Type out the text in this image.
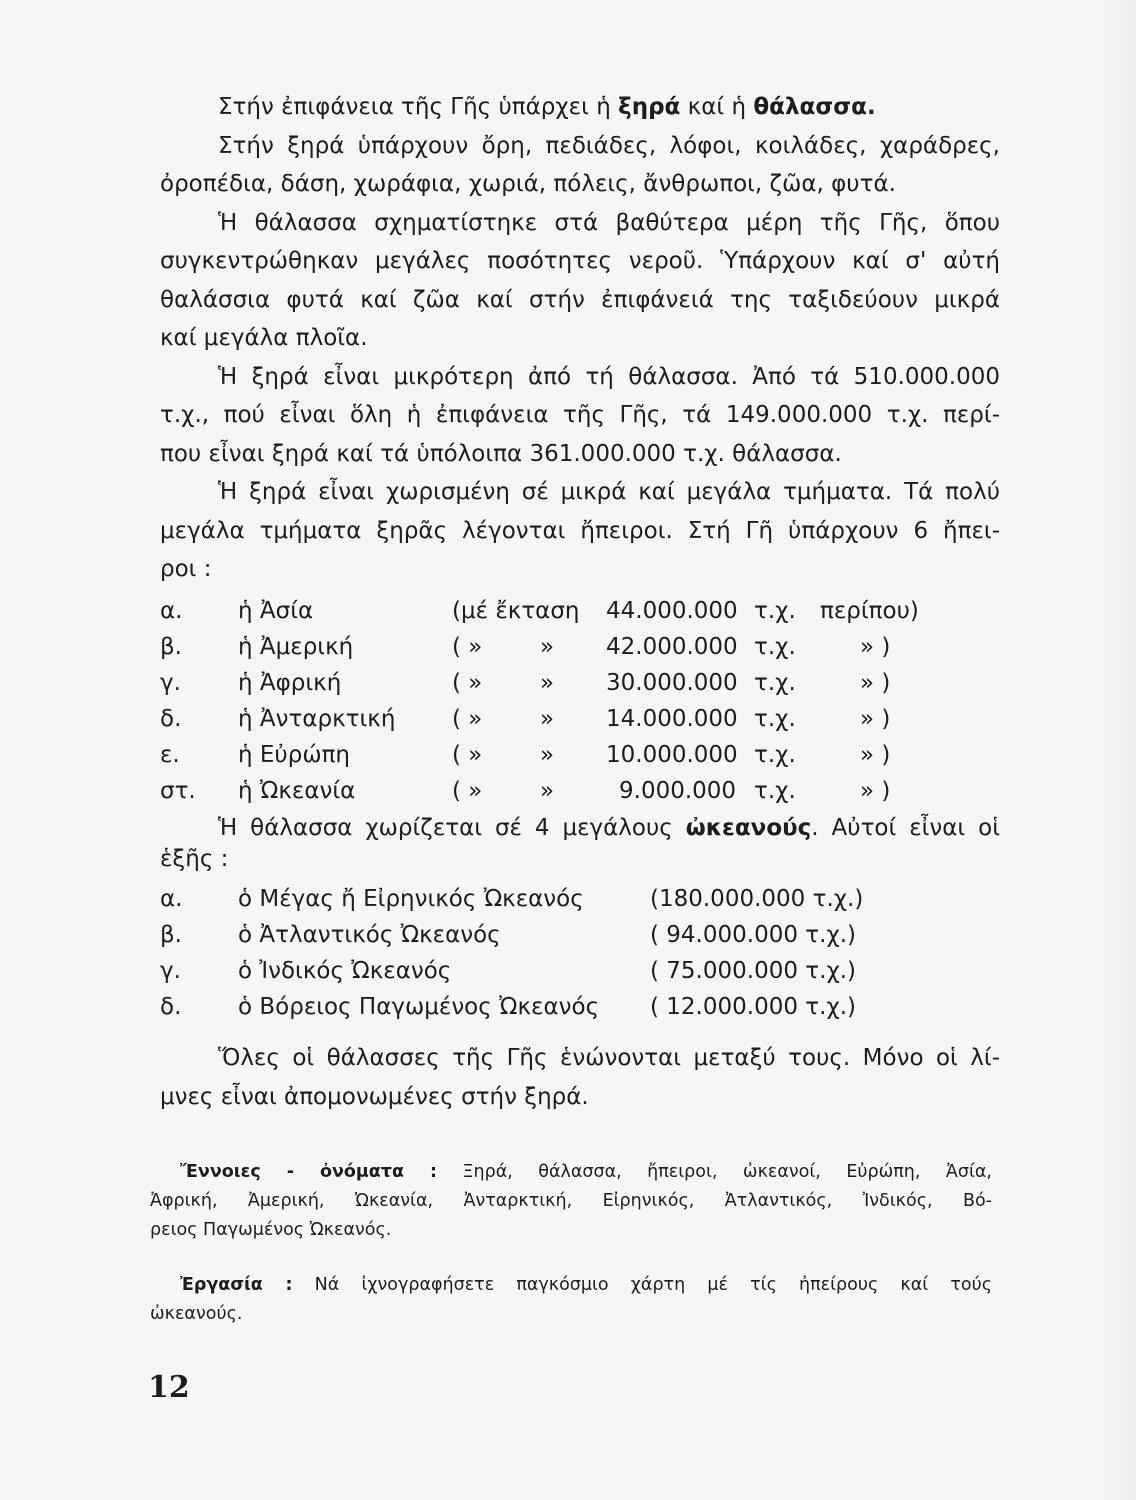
Στήν ἐπιφάνεια τῆς Γῆς ὑπάρχει ἡ ξηρά καί ἡ θάλασσα.

Στήν ξηρά ὑπάρχουν ὄρη, πεδιάδες, λόφοι, κοιλάδες, χαράδρες,

ὀροπέδια, δάση, χωράφια, χωριά, πόλεις, ἄνθρωποι, ζῶα, φυτά.

Ἡ θάλασσα σχηματίστηκε στά βαθύτερα μέρη τῆς Γῆς, ὅπου

συγκεντρώθηκαν μεγάλες ποσότητες νεροῦ. Ὑπάρχουν καί σ' αὐτή

θαλάσσια φυτά καί ζῶα καί στήν ἐπιφάνειά της ταξιδεύουν μικρά

καί μεγάλα πλοῖα.

Ἡ ξηρά εἶναι μικρότερη ἀπό τή θάλασσα. Ἀπό τά 510.000.000

τ.χ., πού εἶναι ὅλη ἡ ἐπιφάνεια τῆς Γῆς, τά 149.000.000 τ.χ. περί-

που εἶναι ξηρά καί τά ὑπόλοιπα 361.000.000 τ.χ. θάλασσα.

Ἡ ξηρά εἶναι χωρισμένη σέ μικρά καί μεγάλα τμήματα. Τά πολύ

μεγάλα τμήματα ξηρᾶς λέγονται ἤπειροι. Στή Γῆ ὑπάρχουν 6 ἤπει-

ροι :

α. ἡ Ἀσία	(μέ ἔκταση 44.000.000 τ.χ. περίπου)
β. ἡ Ἀμερική	( »	» 42.000.000 τ.χ.	» )
γ. ἡ Ἀφρική	( »	» 30.000.000 τ.χ.	» )
δ. ἡ Ἀνταρκτική ( »	» 14.000.000 τ.χ.	» )
ε.	ἡ Εὐρώπη	( »	» 10.000.000 τ.χ.	» )
στ. ἡ Ὠκεανία	( »	»	9.000.000 τ.χ.	» )

Ἡ θάλασσα χωρίζεται σέ 4 μεγάλους ὠκεανούς. Αὐτοί εἶναι οἱ

ἑξῆς :

α. ὁ Μέγας ἤ Εἰρηνικός Ὠκεανός	(180.000.000 τ.χ.)
β. ὁ Ἀτλαντικός Ὠκεανός	( 94.000.000 τ.χ.)
γ. ὁ Ἰνδικός Ὠκεανός	( 75.000.000 τ.χ.)
δ. ὁ Βόρειος Παγωμένος Ὠκεανός ( 12.000.000 τ.χ.)

Ὅλες οἱ θάλασσες τῆς Γῆς ἑνώνονται μεταξύ τους. Μόνο οἱ λί-

μνες εἶναι ἀπομονωμένες στήν ξηρά.

Ἔννοιες - ὀνόματα : Ξηρά, θάλασσα, ἤπειροι, ὠκεανοί, Εὐρώπη, Ἀσία,

Ἀφρική, Ἀμερική, Ὠκεανία, Ἀνταρκτική, Εἰρηνικός, Ἀτλαντικός, Ἰνδικός, Βό-

ρειος Παγωμένος Ὠκεανός.

Ἐργασία : Νά ἰχνογραφήσετε παγκόσμιο χάρτη μέ τίς ἠπείρους καί τούς

ὠκεανούς.

12
